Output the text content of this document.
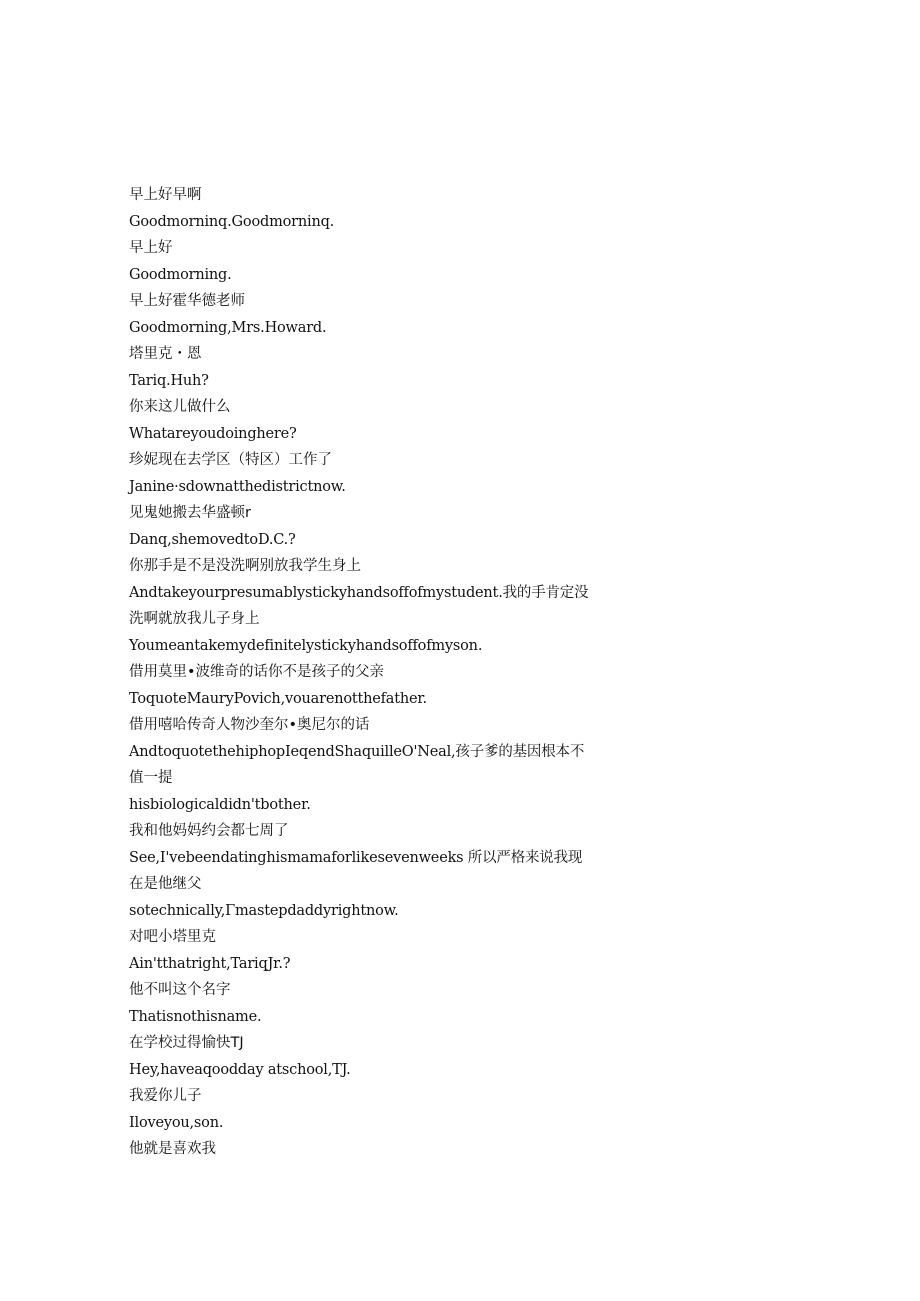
早上好早啊
Goodmorninq.Goodmorninq.
早上好
Goodmorning.
早上好霍华德老师
Goodmorning,Mrs.Howard.
塔里克・恩
Tariq.Huh?
你来这儿做什么
Whatareyoudoinghere?
珍妮现在去学区（特区）工作了
Janine·sdownatthedistrictnow.
见鬼她搬去华盛顿r
Danq,shemovedtoD.C.?
你那手是不是没洗啊别放我学生身上
Andtakeyourpresumablystickyhandsoffofmystudent.我的手肯定没
洗啊就放我儿子身上
Youmeantakemydefinitelystickyhandsoffofmyson.
借用莫里•波维奇的话你不是孩子的父亲
ToquoteMauryPovich,vouarenotthefather.
借用嘻哈传奇人物沙奎尔•奥尼尔的话
AndtoquotethehiphopIeqendShaquilleO'Neal,孩子爹的基因根本不
值一提
hisbiologicaldidn'tbother.
我和他妈妈约会都七周了
See,I'vebeendatinghismamaforlikesevenweeks 所以严格来说我现
在是他继父
sotechnically,Γmastepdaddyrightnow.
对吧小塔里克
Ain'tthatright,TariqJr.?
他不叫这个名字
Thatisnothisname.
在学校过得愉快TJ
Hey,haveaqoodday atschool,TJ.
我爱你儿子
Iloveyou,son.
他就是喜欢我
